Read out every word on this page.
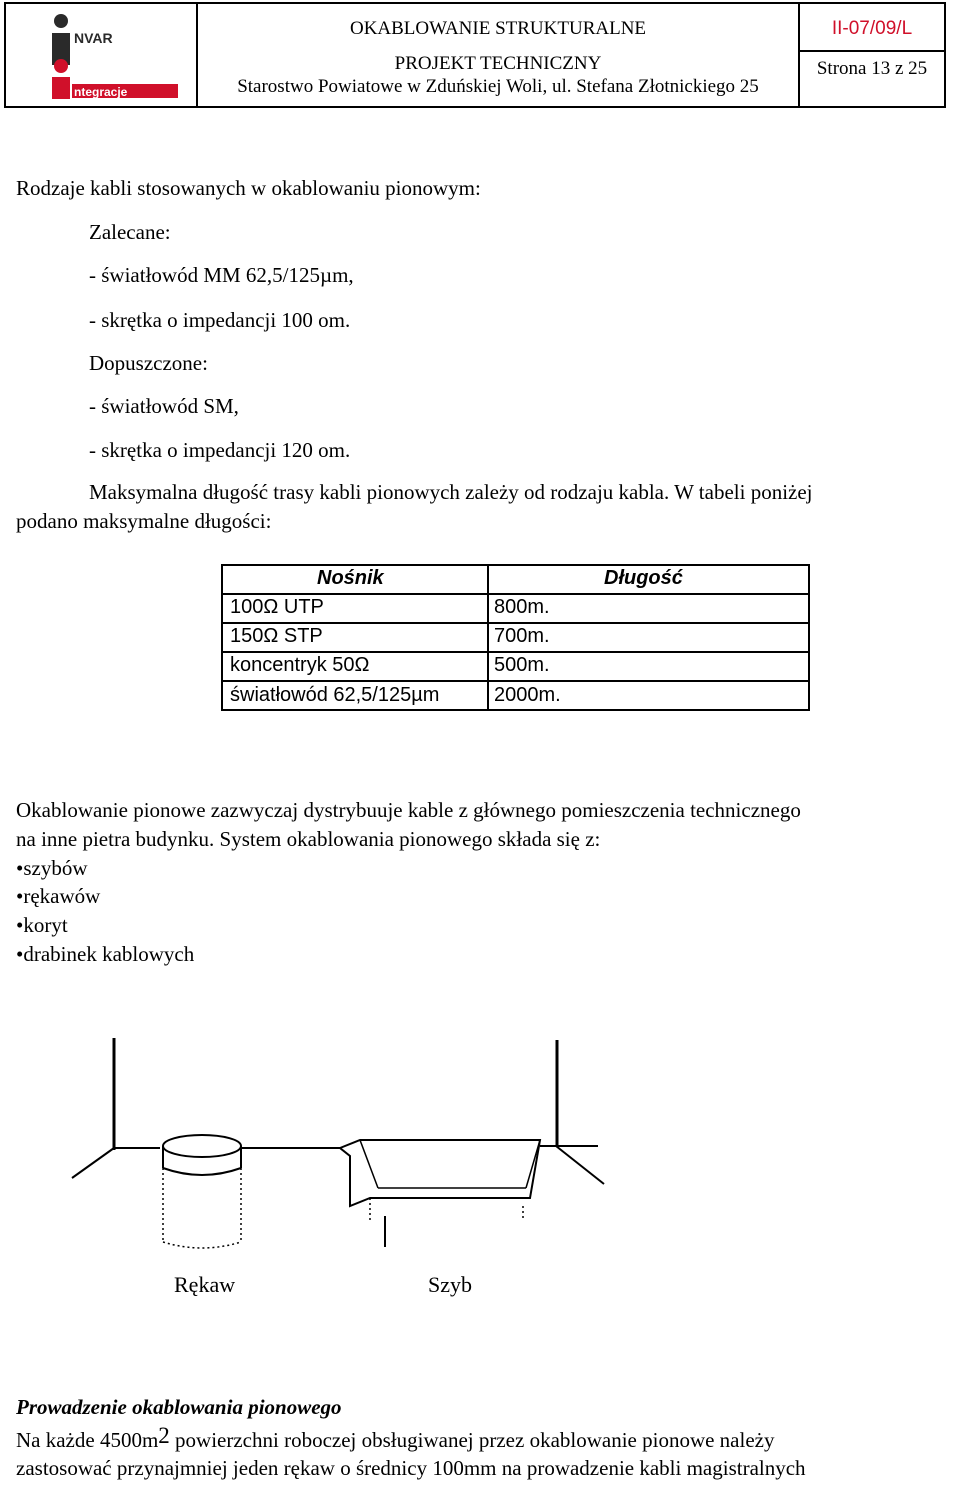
NVAR
ntegracje
OKABLOWANIE STRUKTURALNE
PROJEKT TECHNICZNY
Starostwo Powiatowe w Zduńskiej Woli, ul. Stefana Złotnickiego 25
II-07/09/L
Strona 13 z 25
Rodzaje kabli stosowanych w okablowaniu pionowym:
Zalecane:
- światłowód MM 62,5/125µm,
- skrętka o impedancji 100 om.
Dopuszczone:
- światłowód SM,
- skrętka o impedancji 120 om.
Maksymalna długość trasy kabli pionowych zależy od rodzaju kabla. W tabeli poniżej
podano maksymalne długości:
Nośnik	Długość
100Ω UTP	800m.
150Ω STP	700m.
koncentryk 50Ω	500m.
światłowód 62,5/125µm	2000m.
Okablowanie pionowe zazwyczaj dystrybuuje kable z głównego pomieszczenia technicznego
na inne pietra budynku. System okablowania pionowego składa się z:
•szybów
•rękawów
•koryt
•drabinek kablowych
Rękaw	Szyb
Prowadzenie okablowania pionowego
Na każde 4500m2 powierzchni roboczej obsługiwanej przez okablowanie pionowe należy
zastosować przynajmniej jeden rękaw o średnicy 100mm na prowadzenie kabli magistralnych
